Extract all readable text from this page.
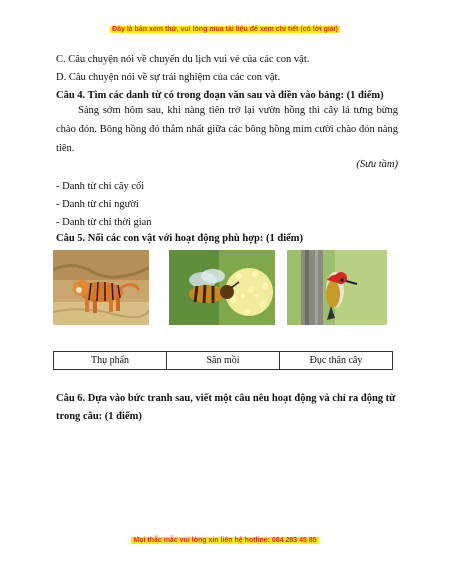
Đây là bản xem thử, vui lòng mua tài liệu để xem chi tiết (có lời giải)
C. Câu chuyện nói về chuyến du lịch vui vẻ của các con vật.
D. Câu chuyện nói về sự trải nghiệm của các con vật.
Câu 4. Tìm các danh từ có trong đoạn văn sau và điền vào bảng: (1 điểm)
Sáng sớm hôm sau, khi nàng tiên trở lại vườn hồng thì cây lá tưng bừng chào đón. Bông hồng đỏ thắm nhất giữa các bông hồng mỉm cười chào đón nàng tiên.
(Sưu tầm)
- Danh từ chỉ cây cối
- Danh từ chỉ người
- Danh từ chỉ thời gian
Câu 5. Nối các con vật với hoạt động phù hợp: (1 điểm)
Thụ phấn	Săn mồi	Đục thân cây
Câu 6. Dựa vào bức tranh sau, viết một câu nêu hoạt động và chỉ ra động từ
trong câu: (1 điểm)
Mọi thắc mắc vui lòng xin liên hệ hotline: 084 283 45 85
